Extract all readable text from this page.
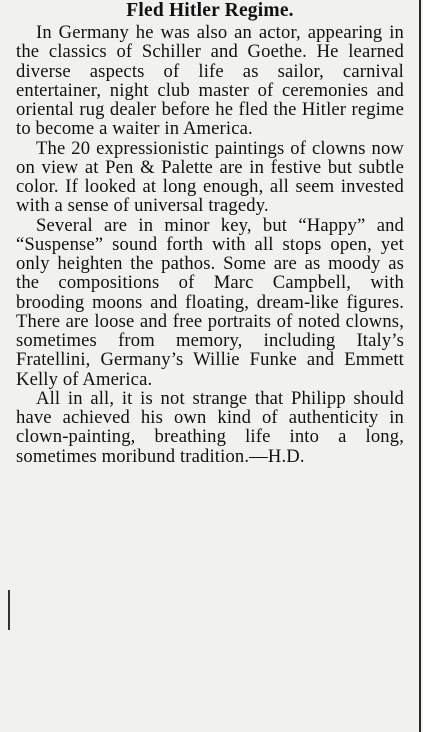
Fled Hitler Regime.

In Germany he was also an actor, appearing in the classics of Schiller and Goethe. He learned diverse aspects of life as sailor, carnival entertainer, night club master of ceremonies and oriental rug dealer before he fled the Hitler regime to become a waiter in America.

The 20 expressionistic paintings of clowns now on view at Pen & Palette are in festive but subtle color. If looked at long enough, all seem invested with a sense of universal tragedy.

Several are in minor key, but “Happy” and “Suspense” sound forth with all stops open, yet only heighten the pathos. Some are as moody as the compositions of Marc Campbell, with brooding moons and floating, dream-like figures. There are loose and free portraits of noted clowns, sometimes from memory, including Italy’s Fratellini, Germany’s Willie Funke and Emmett Kelly of America.

All in all, it is not strange that Philipp should have achieved his own kind of authenticity in clown-painting, breathing life into a long, sometimes moribund tradition.—H.D.
